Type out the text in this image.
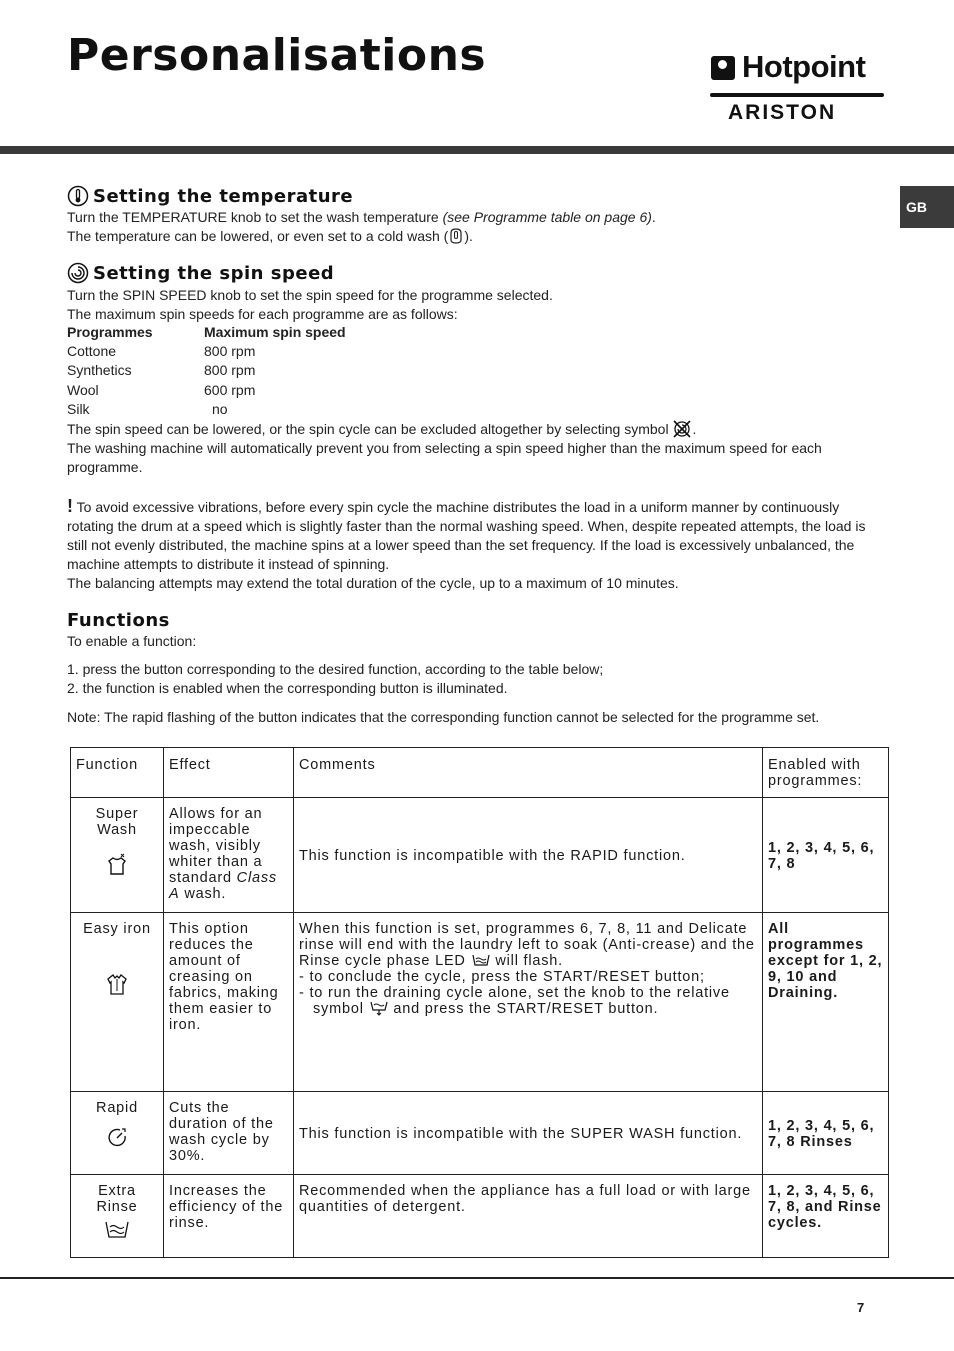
Personalisations	Hotpoint
ARISTON
GB
Setting the temperature
Turn the TEMPERATURE knob to set the wash temperature (see Programme table on page 6).
The temperature can be lowered, or even set to a cold wash ( ).
Setting the spin speed
Turn the SPIN SPEED knob to set the spin speed for the programme selected.
The maximum spin speeds for each programme are as follows:
Programmes	Maximum spin speed
Cottone	800 rpm
Synthetics	800 rpm
Wool	600 rpm
Silk	no
The spin speed can be lowered, or the spin cycle can be excluded altogether by selecting symbol .
The washing machine will automatically prevent you from selecting a spin speed higher than the maximum speed for each programme.
! To avoid excessive vibrations, before every spin cycle the machine distributes the load in a uniform manner by continuously rotating the drum at a speed which is slightly faster than the normal washing speed. When, despite repeated attempts, the load is still not evenly distributed, the machine spins at a lower speed than the set frequency. If the load is excessively unbalanced, the machine attempts to distribute it instead of spinning.
The balancing attempts may extend the total duration of the cycle, up to a maximum of 10 minutes.
Functions
To enable a function:
1. press the button corresponding to the desired function, according to the table below;
2. the function is enabled when the corresponding button is illuminated.
Note: The rapid flashing of the button indicates that the corresponding function cannot be selected for the programme set.
Function	Effect	Comments	Enabled with programmes:

Super Wash	Allows for an impeccable wash, visibly whiter than a standard Class A wash.	This function is incompatible with the RAPID function.	1, 2, 3, 4, 5, 6, 7, 8

Easy iron	This option reduces the amount of creasing on fabrics, making them easier to iron.	When this function is set, programmes 6, 7, 8, 11 and Delicate rinse will end with the laundry left to soak (Anti-crease) and the Rinse cycle phase LED  will flash.
- to conclude the cycle, press the START/RESET button;
- to run the draining cycle alone, set the knob to the relative symbol  and press the START/RESET button.	All programmes except for 1, 2, 9, 10 and Draining.

Rapid	Cuts the duration of the wash cycle by 30%.	This function is incompatible with the SUPER WASH function.	1, 2, 3, 4, 5, 6, 7, 8 Rinses

Extra Rinse	Increases the efficiency of the rinse.	Recommended when the appliance has a full load or with large quantities of detergent.	1, 2, 3, 4, 5, 6, 7, 8, and Rinse cycles.
7
